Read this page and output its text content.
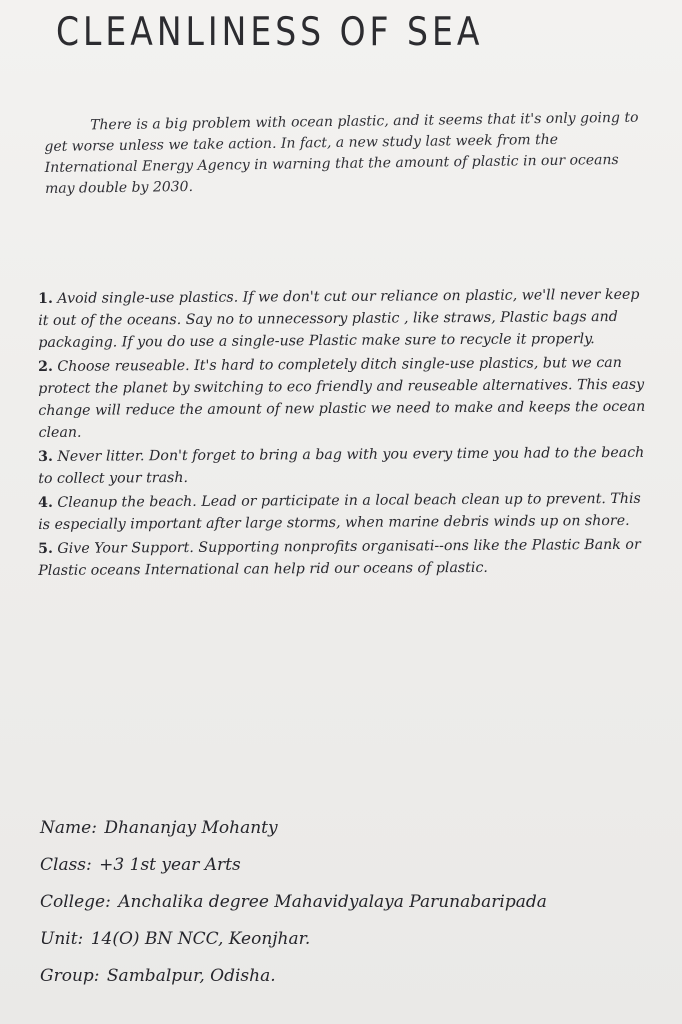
CLEANLINESS OF SEA

There is a big problem with ocean plastic, and it seems that it's only going to get worse unless we take action. In fact, a new study last week from the International Energy Agency in warning that the amount of plastic in our oceans may double by 2030.

1. Avoid single-use plastics. If we don't cut our reliance on plastic, we'll never keep it out of the oceans. Say no to unnecessory plastic , like straws, Plastic bags and packaging. If you do use a single-use Plastic make sure to recycle it properly.

2. Choose reuseable. It's hard to completely ditch single-use plastics, but we can protect the planet by switching to eco friendly and reuseable alternatives. This easy change will reduce the amount of new plastic we need to make and keeps the ocean clean.

3. Never litter. Don't forget to bring a bag with you every time you had to the beach to collect your trash.

4. Cleanup the beach. Lead or participate in a local beach clean up to prevent. This is especially important after large storms, when marine debris winds up on shore.

5. Give Your Support. Supporting nonprofits organisati--ons like the Plastic Bank or Plastic oceans International can help rid our oceans of plastic.

Name: Dhananjay Mohanty
Class: +3 1st year Arts
College: Anchalika degree Mahavidyalaya Parunabaripada
Unit: 14(O) BN NCC, Keonjhar.
Group: Sambalpur, Odisha.
